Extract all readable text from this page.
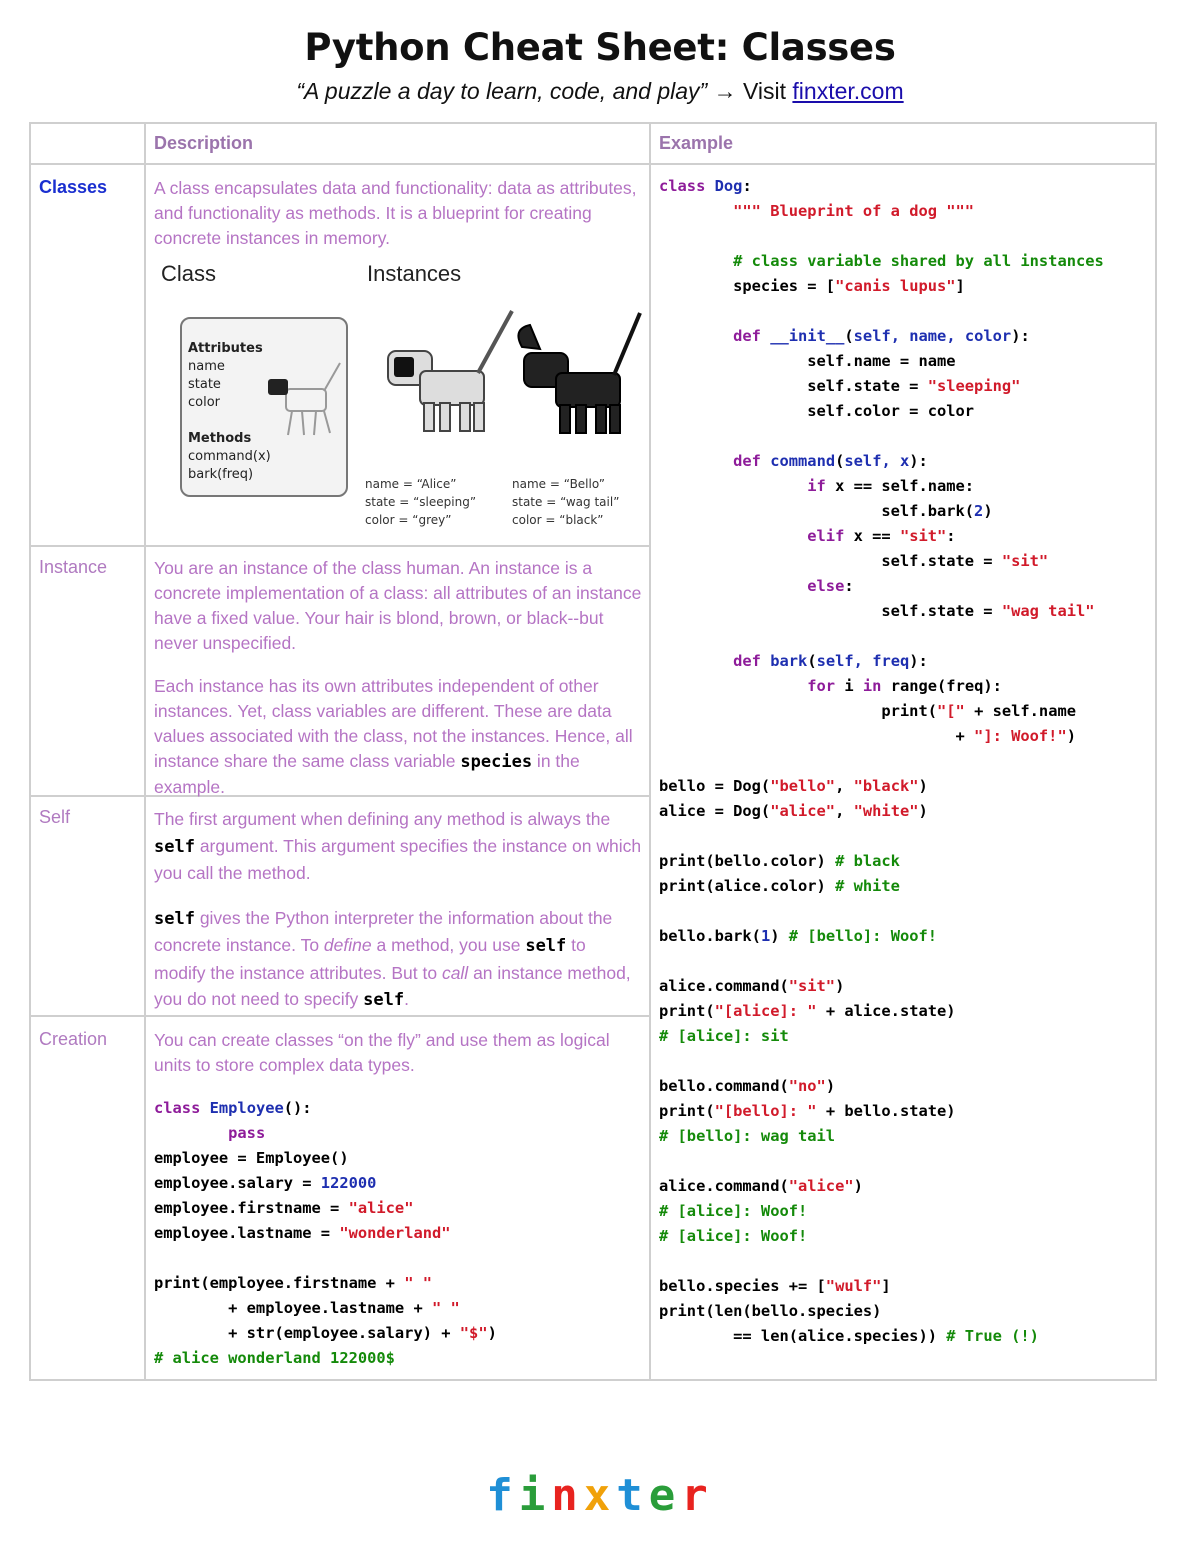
Python Cheat Sheet: Classes
“A puzzle a day to learn, code, and play” → Visit finxter.com
Description	Example
Classes	A class encapsulates data and functionality: data as attributes, and functionality as methods. It is a blueprint for creating concrete instances in memory.
Class	Instances
Attributes
name
state
color
Methods
command(x)
bark(freq)
name = “Alice”
state = “sleeping”
color = “grey”
name = “Bello”
state = “wag tail”
color = “black”
Instance	You are an instance of the class human. An instance is a concrete implementation of a class: all attributes of an instance have a fixed value. Your hair is blond, brown, or black--but never unspecified.

Each instance has its own attributes independent of other instances. Yet, class variables are different. These are data values associated with the class, not the instances. Hence, all instance share the same class variable species in the example.

Self	The first argument when defining any method is always the self argument. This argument specifies the instance on which you call the method.

self gives the Python interpreter the information about the concrete instance. To define a method, you use self to modify the instance attributes. But to call an instance method, you do not need to specify self.

Creation	You can create classes “on the fly” and use them as logical units to store complex data types.
class Employee():
pass
employee = Employee()
employee.salary = 122000
employee.firstname = "alice"
employee.lastname = "wonderland"

print(employee.firstname + " "
+ employee.lastname + " "
+ str(employee.salary) + "$")
# alice wonderland 122000$
class Dog:
""" Blueprint of a dog """

# class variable shared by all instances
species = ["canis lupus"]

def __init__(self, name, color):
self.name = name
self.state = "sleeping"
self.color = color

def command(self, x):
if x == self.name:
self.bark(2)
elif x == "sit":
self.state = "sit"
else:
self.state = "wag tail"

def bark(self, freq):
for i in range(freq):
print("[" + self.name
+ "]: Woof!")

bello = Dog("bello", "black")
alice = Dog("alice", "white")

print(bello.color) # black
print(alice.color) # white

bello.bark(1) # [bello]: Woof!

alice.command("sit")
print("[alice]: " + alice.state)
# [alice]: sit

bello.command("no")
print("[bello]: " + bello.state)
# [bello]: wag tail

alice.command("alice")
# [alice]: Woof!
# [alice]: Woof!

bello.species += ["wulf"]
print(len(bello.species)
== len(alice.species)) # True (!)
finxter
